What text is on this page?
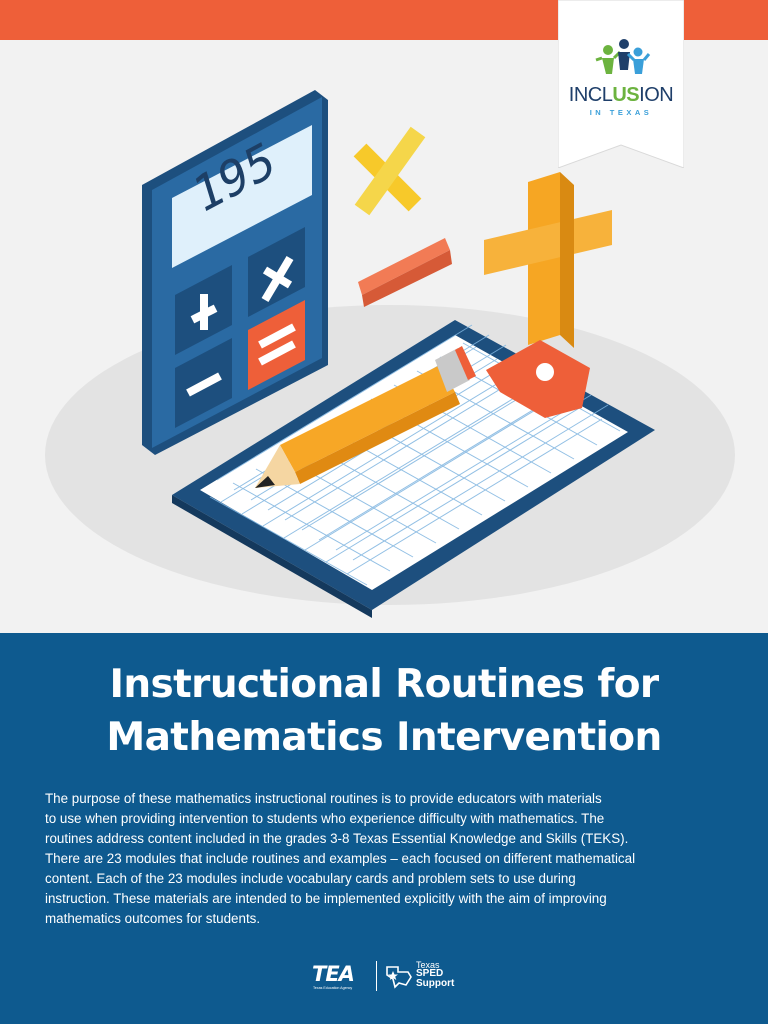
195
INCLUSION
IN TEXAS
Instructional Routines for
Mathematics Intervention
The purpose of these mathematics instructional routines is to provide educators with materials
to use when providing intervention to students who experience difficulty with mathematics. The
routines address content included in the grades 3-8 Texas Essential Knowledge and Skills (TEKS).
There are 23 modules that include routines and examples – each focused on different mathematical
content. Each of the 23 modules include vocabulary cards and problem sets to use during
instruction. These materials are intended to be implemented explicitly with the aim of improving
mathematics outcomes for students.
TEA
Texas Education Agency
Texas
SPED
Support
